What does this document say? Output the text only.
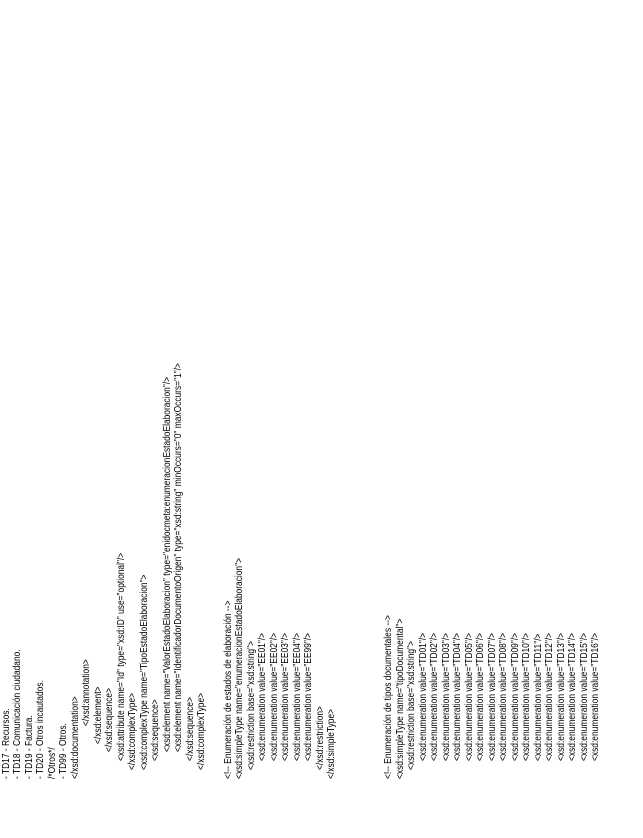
- TD17 - Recursos. - TD18 - Comunicación ciudadano. - TD19 - Factura. - TD20 - Otros incautados. /*Otros*/ - TD99 - Otros. </xsd:documentation>
</xsd:annotation> </xsd:element> </xsd:sequence> <xsd:attribute name="Id" type="xsd:ID" use="optional"/> </xsd:complexType> <xsd:complexType name="TipoEstadoElaboracion"> <xsd:sequence> <xsd:element name="ValorEstadoElaboracion" type="enidocmeta:enumeracionEstadoElaboracion"/> <xsd:element name="IdentificadorDocumentoOrigen" type="xsd:string" minOccurs="0" maxOccurs="1"/> </xsd:sequence> </xsd:complexType> <!-- Enumeración de estados de elaboración --> <xsd:simpleType name="enumeracionEstadoElaboracion"> <xsd:restriction base="xsd:string"> <xsd:enumeration value="EE01"/> <xsd:enumeration value="EE02"/> <xsd:enumeration value="EE03"/> <xsd:enumeration value="EE04"/> <xsd:enumeration value="EE99"/> </xsd:restriction> </xsd:simpleType>	<!-- Enumeración de tipos documentales --> <xsd:simpleType name="tipoDocumental"> <xsd:restriction base="xsd:string"> <xsd:enumeration value="TD01"/> <xsd:enumeration value="TD02"/> <xsd:enumeration value="TD03"/> <xsd:enumeration value="TD04"/> <xsd:enumeration value="TD05"/> <xsd:enumeration value="TD06"/> <xsd:enumeration value="TD07"/> <xsd:enumeration value="TD08"/> <xsd:enumeration value="TD09"/> <xsd:enumeration value="TD10"/> <xsd:enumeration value="TD11"/> <xsd:enumeration value="TD12"/> <xsd:enumeration value="TD13"/> <xsd:enumeration value="TD14"/> <xsd:enumeration value="TD15"/> <xsd:enumeration value="TD16"/>
